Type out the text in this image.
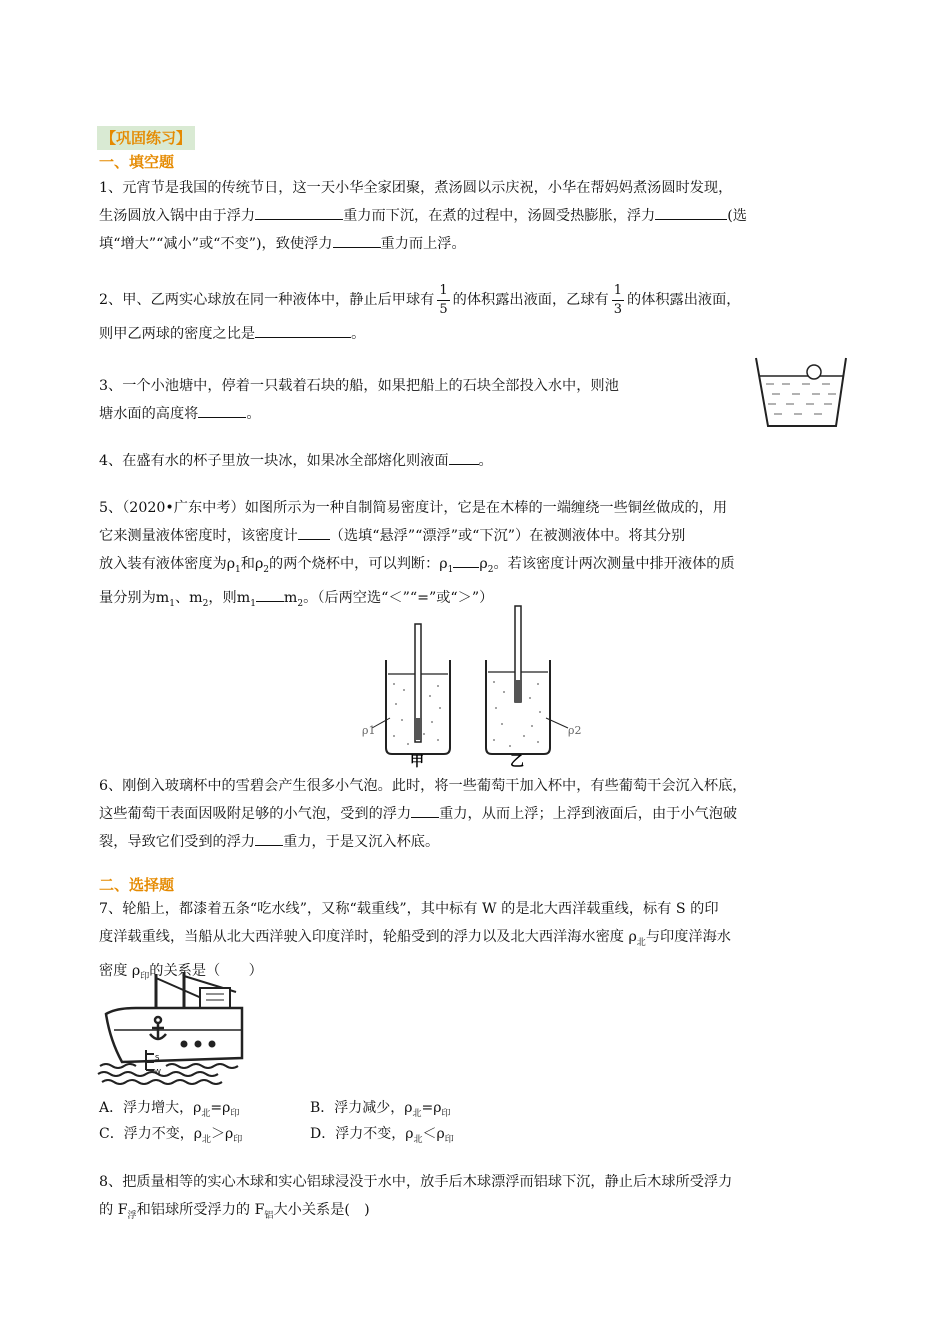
【巩固练习】
一、填空题
1、元宵节是我国的传统节日，这一天小华全家团聚，煮汤圆以示庆祝，小华在帮妈妈煮汤圆时发现，
生汤圆放入锅中由于浮力	重力而下沉，在煮的过程中，汤圆受热膨胀，浮力	(选
填“增大”“减小”或“不变”)，致使浮力	重力而上浮。
2、甲、乙两实心球放在同一种液体中，静止后甲球有 $\frac{1}{5}$ 的体积露出液面，乙球有 $\frac{1}{3}$ 的体积露出液面，
则甲乙两球的密度之比是	。
3、一个小池塘中，停着一只载着石块的船，如果把船上的石块全部投入水中，则池
塘水面的高度将	。
4、在盛有水的杯子里放一块冰，如果冰全部熔化则液面 。
5、（2020•广东中考）如图所示为一种自制简易密度计，它是在木棒的一端缠绕一些铜丝做成的，用
它来测量液体密度时，该密度计 （选填“悬浮”“漂浮”或“下沉”）在被测液体中。将其分别
放入装有液体密度为$\rho_1$和$\rho_2$的两个烧杯中，可以判断：$\rho_1$ $\rho_2$。若该密度计两次测量中排开液体的质
量分别为$m_1$、$m_2$，则$m_1$ $m_2$。（后两空选“＜”“=”或“＞”）
ρ1
甲
ρ2
乙
6、刚倒入玻璃杯中的雪碧会产生很多小气泡。此时，将一些葡萄干加入杯中，有些葡萄干会沉入杯底，
这些葡萄干表面因吸附足够的小气泡，受到的浮力 重力，从而上浮；上浮到液面后，由于小气泡破
裂，导致它们受到的浮力 重力，于是又沉入杯底。
二、选择题
7、轮船上，都漆着五条“吃水线”，又称“载重线”，其中标有 W 的是北大西洋载重线，标有 S 的印
度洋载重线，当船从北大西洋驶入印度洋时，轮船受到的浮力以及北大西洋海水密度 $\rho_北$与印度洋海水
密度 $\rho_印$的关系是（　　）
S
W
A．浮力增大，$\rho_北=\rho_印$	B．浮力减少，$\rho_北=\rho_印$
C．浮力不变，$\rho_北>\rho_印$	D．浮力不变，$\rho_北<\rho_印$
8、把质量相等的实心木球和实心铝球浸没于水中，放手后木球漂浮而铝球下沉，静止后木球所受浮力
的 $F_浮$和铝球所受浮力的 $F_铝$大小关系是(　)
